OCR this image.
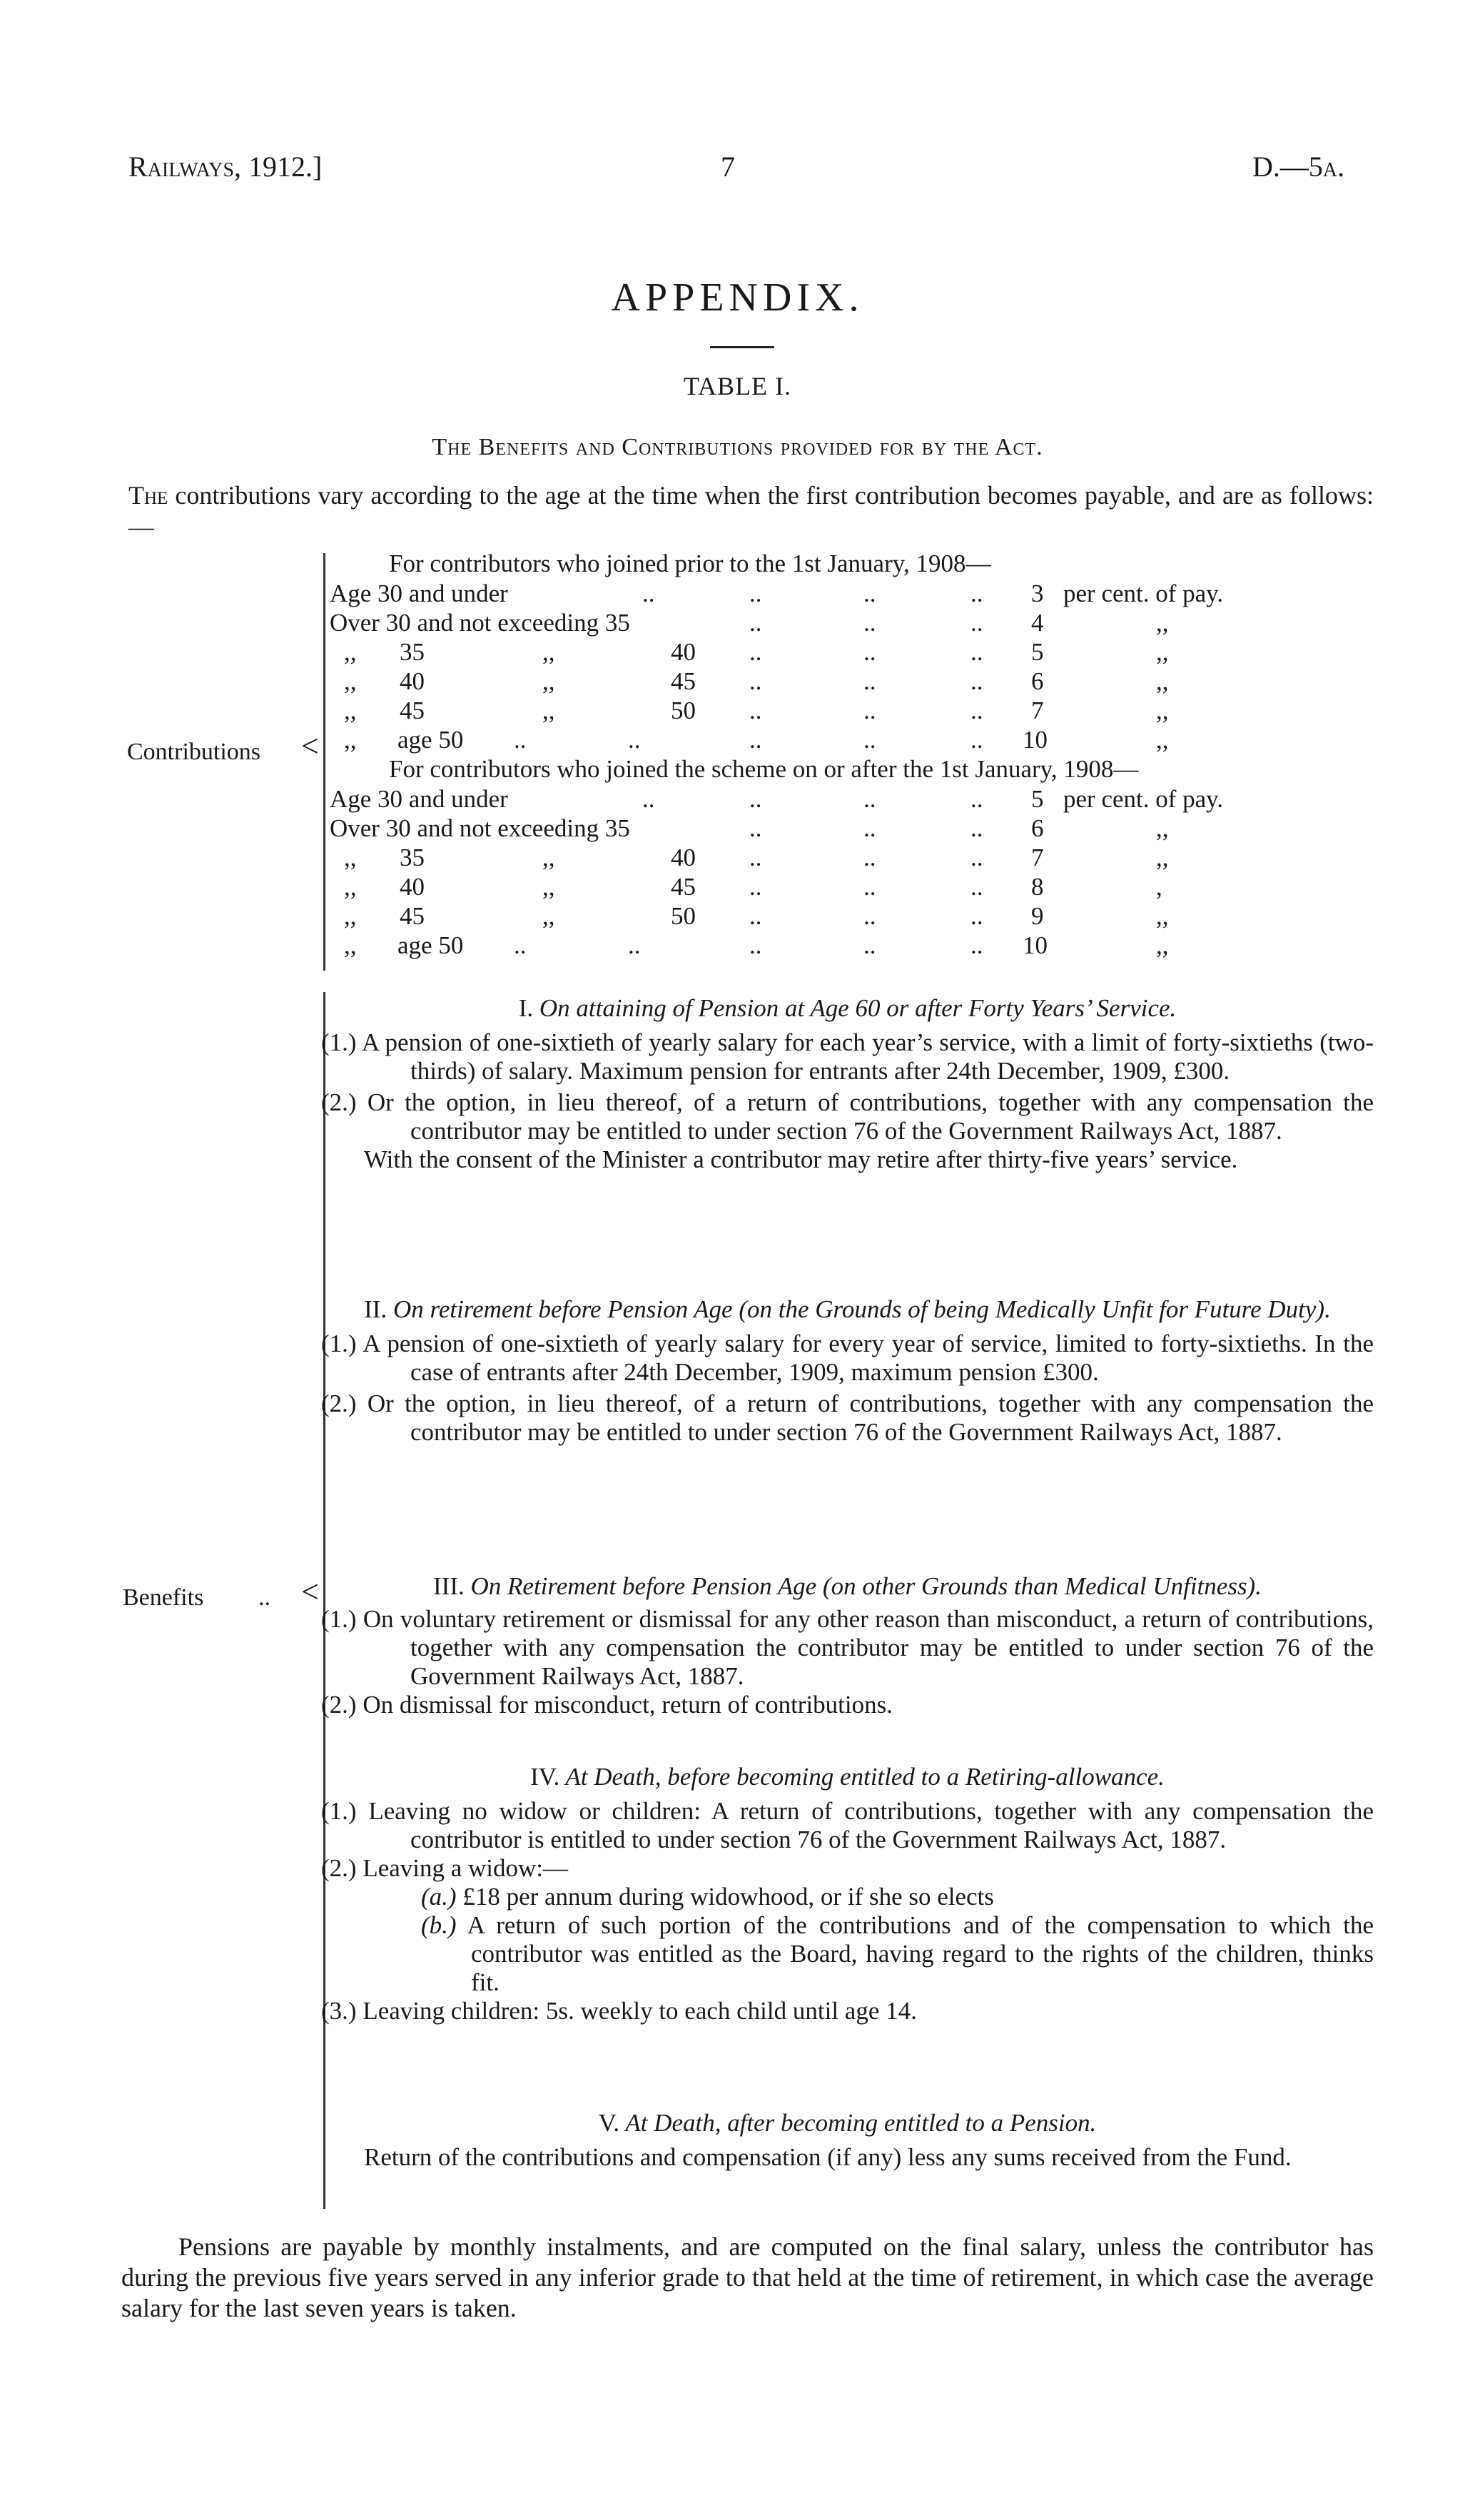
Railways, 1912.]	7	D.—5a.
APPENDIX.
TABLE I.
The Benefits and Contributions provided for by the Act.
The contributions vary according to the age at the time when the first contribution becomes payable, and are as follows:—
Contributions <
For contributors who joined prior to the 1st January, 1908—
Age 30 and under	..	..	..	.. 3 per cent. of pay.
Over 30 and not exceeding 35	..	..	.. 4	,,
,, 35	,,	40 ..	..	.. 5	,,
,, 40	,,	45 ..	..	.. 6	,,
,, 45	,,	50 ..	..	.. 7	,,
,, age 50 ..	..	..	..	.. 10	,,
For contributors who joined the scheme on or after the 1st January, 1908—
Age 30 and under	..	..	..	.. 5 per cent. of pay.
Over 30 and not exceeding 35	..	..	.. 6	,,
,, 35	,,	40 ..	..	.. 7	,,
,, 40	,,	45 ..	..	.. 8	,
,, 45	,,	50 ..	..	.. 9	,,
,, age 50 ..	..	..	..	.. 10	,,
Benefits .. <
I. On attaining of Pension at Age 60 or after Forty Years’ Service.
(1.) A pension of one-sixtieth of yearly salary for each year’s service, with a limit of forty-sixtieths (two-thirds) of salary. Maximum pension for entrants after 24th December, 1909, £300.
(2.) Or the option, in lieu thereof, of a return of contributions, together with any compensation the contributor may be entitled to under section 76 of the Government Railways Act, 1887.
With the consent of the Minister a contributor may retire after thirty-five years’ service.
II. On retirement before Pension Age (on the Grounds of being Medically Unfit for Future Duty).
(1.) A pension of one-sixtieth of yearly salary for every year of service, limited to forty-sixtieths. In the case of entrants after 24th December, 1909, maximum pension £300.
(2.) Or the option, in lieu thereof, of a return of contributions, together with any compensation the contributor may be entitled to under section 76 of the Government Railways Act, 1887.
III. On Retirement before Pension Age (on other Grounds than Medical Unfitness).
(1.) On voluntary retirement or dismissal for any other reason than misconduct, a return of contributions, together with any compensation the contributor may be entitled to under section 76 of the Government Railways Act, 1887.
(2.) On dismissal for misconduct, return of contributions.
IV. At Death, before becoming entitled to a Retiring-allowance.
(1.) Leaving no widow or children: A return of contributions, together with any compensation the contributor is entitled to under section 76 of the Government Railways Act, 1887.
(2.) Leaving a widow:—
(a.) £18 per annum during widowhood, or if she so elects
(b.) A return of such portion of the contributions and of the compensation to which the contributor was entitled as the Board, having regard to the rights of the children, thinks fit.
(3.) Leaving children: 5s. weekly to each child until age 14.
V. At Death, after becoming entitled to a Pension.
Return of the contributions and compensation (if any) less any sums received from the Fund.
Pensions are payable by monthly instalments, and are computed on the final salary, unless the contributor has during the previous five years served in any inferior grade to that held at the time of retirement, in which case the average salary for the last seven years is taken.
